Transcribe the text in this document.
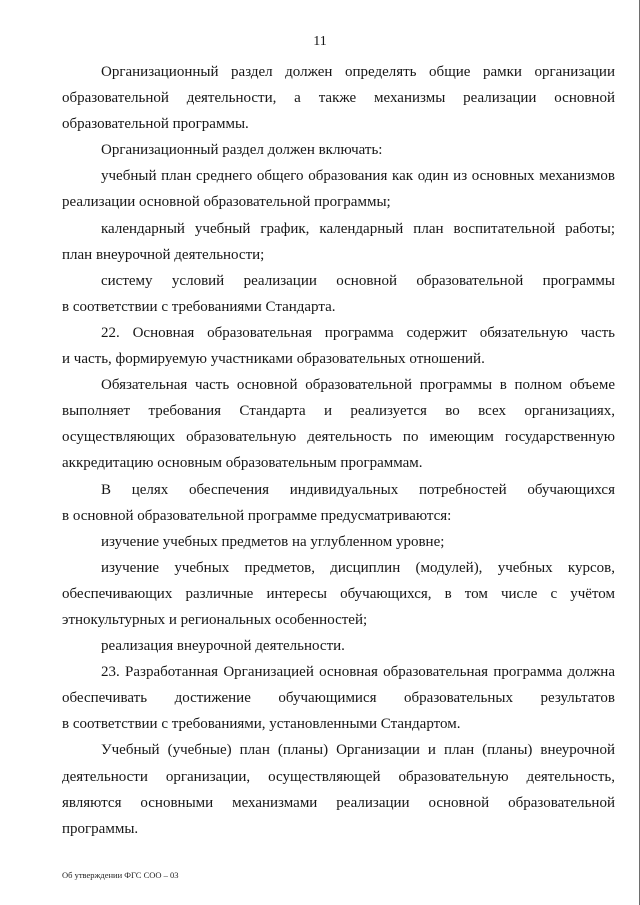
11
Организационный раздел должен определять общие рамки организации
образовательной деятельности, а также механизмы реализации основной
образовательной программы.
Организационный раздел должен включать:
учебный план среднего общего образования как один из основных механизмов
реализации основной образовательной программы;
календарный учебный график, календарный план воспитательной работы;
план внеурочной деятельности;
систему условий реализации основной образовательной программы
в соответствии с требованиями Стандарта.
22. Основная образовательная программа содержит обязательную часть
и часть, формируемую участниками образовательных отношений.
Обязательная часть основной образовательной программы в полном объеме
выполняет требования Стандарта и реализуется во всех организациях,
осуществляющих образовательную деятельность по имеющим государственную
аккредитацию основным образовательным программам.
В целях обеспечения индивидуальных потребностей обучающихся
в основной образовательной программе предусматриваются:
изучение учебных предметов на углубленном уровне;
изучение учебных предметов, дисциплин (модулей), учебных курсов,
обеспечивающих различные интересы обучающихся, в том числе с учётом
этнокультурных и региональных особенностей;
реализация внеурочной деятельности.
23. Разработанная Организацией основная образовательная программа должна
обеспечивать достижение обучающимися образовательных результатов
в соответствии с требованиями, установленными Стандартом.
Учебный (учебные) план (планы) Организации и план (планы) внеурочной
деятельности организации, осуществляющей образовательную деятельность,
являются основными механизмами реализации основной образовательной
программы.
Об утверждении ФГС СОО – 03
